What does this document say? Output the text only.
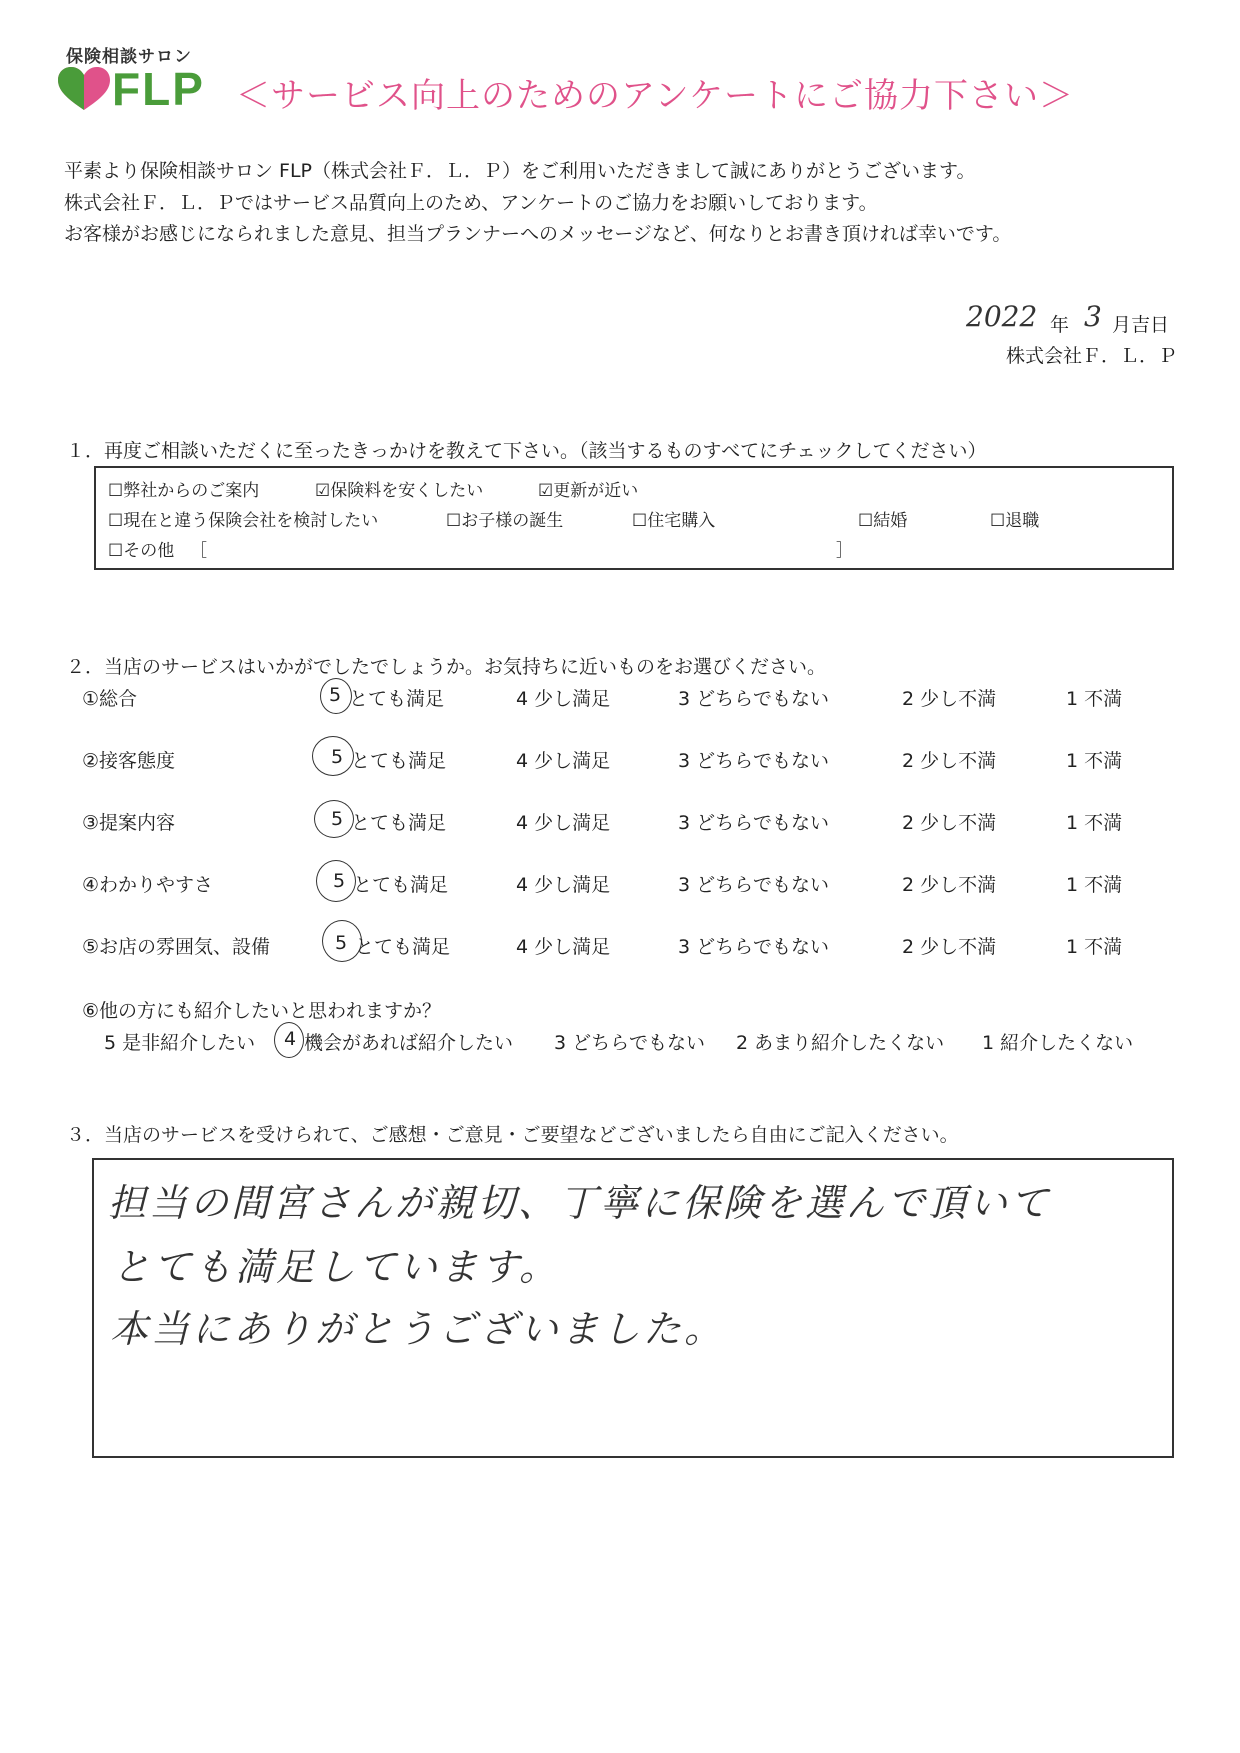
保険相談サロン
FLP ＜サービス向上のためのアンケートにご協力下さい＞
平素より保険相談サロン FLP（株式会社Ｆ．Ｌ．Ｐ）をご利用いただきまして誠にありがとうございます。
株式会社Ｆ．Ｌ．Ｐではサービス品質向上のため、アンケートのご協力をお願いしております。
お客様がお感じになられました意見、担当プランナーへのメッセージなど、何なりとお書き頂ければ幸いです。
2022 年 3 月吉日
株式会社Ｆ．Ｌ．Ｐ
１．再度ご相談いただくに至ったきっかけを教えて下さい。（該当するものすべてにチェックしてください）
☐弊社からのご案内	☑保険料を安くしたい	☑更新が近い
☐現在と違う保険会社を検討したい	☐お子様の誕生	☐住宅購入	☐結婚	☐退職
☐その他 ［	］
２．当店のサービスはいかがでしたでしょうか。お気持ちに近いものをお選びください。
①総合	5 とても満足	4 少し満足	3 どちらでもない	2 少し不満	1 不満
②接客態度	5 とても満足	4 少し満足	3 どちらでもない	2 少し不満	1 不満
③提案内容	5 とても満足	4 少し満足	3 どちらでもない	2 少し不満	1 不満
④わかりやすさ	5 とても満足	4 少し満足	3 どちらでもない	2 少し不満	1 不満
⑤お店の雰囲気、設備	5 とても満足	4 少し満足	3 どちらでもない	2 少し不満	1 不満
⑥他の方にも紹介したいと思われますか？
5 是非紹介したい 4 機会があれば紹介したい 3 どちらでもない 2 あまり紹介したくない 1 紹介したくない
３．当店のサービスを受けられて、ご感想・ご意見・ご要望などございましたら自由にご記入ください。
担当の間宮さんが親切、丁寧に保険を選んで頂いて
とても満足しています。
本当にありがとうございました。
